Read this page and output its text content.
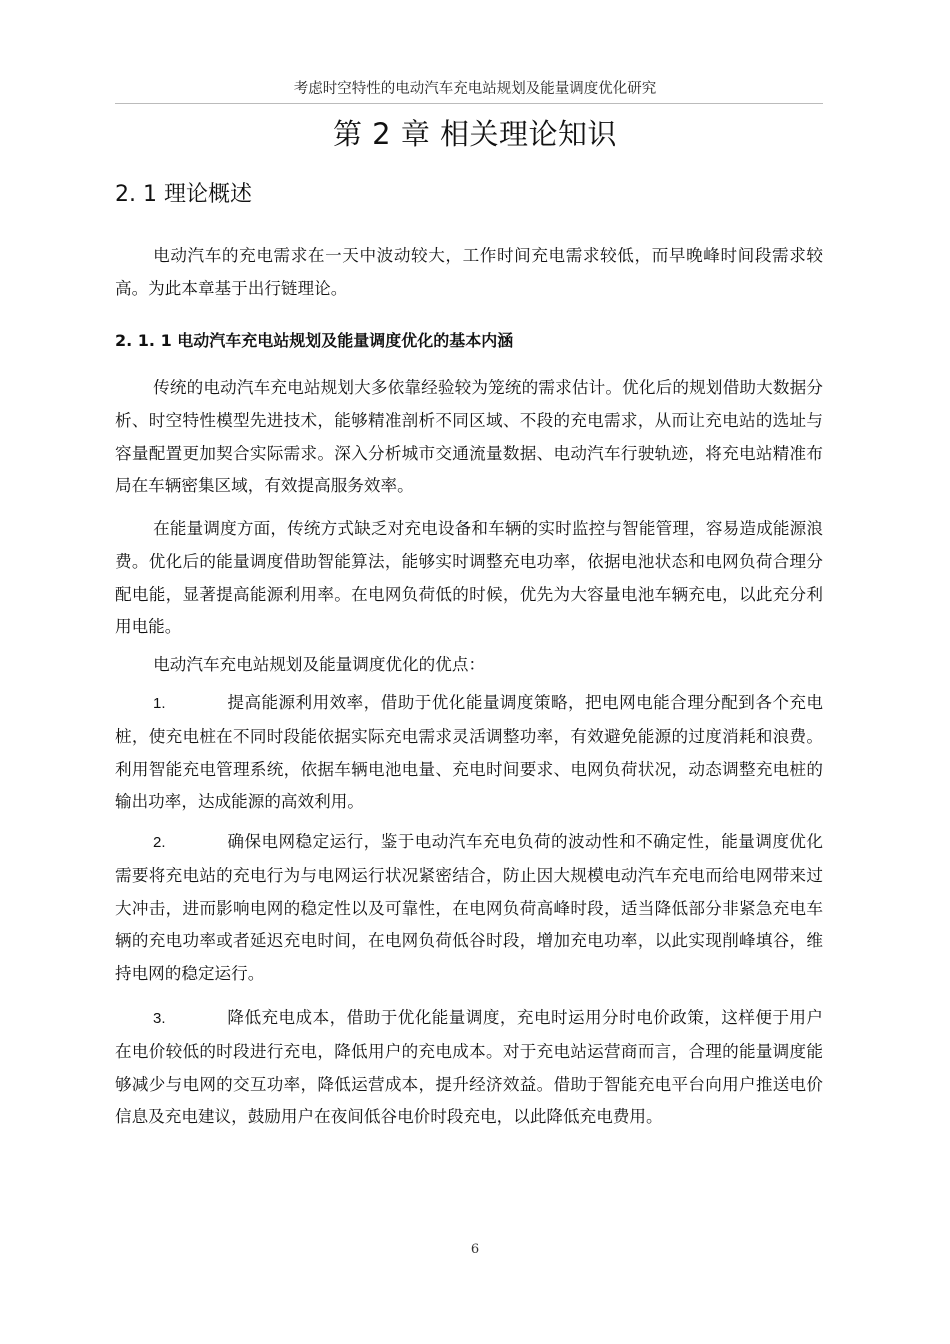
考虑时空特性的电动汽车充电站规划及能量调度优化研究
第 2 章 相关理论知识
2. 1 理论概述

电动汽车的充电需求在一天中波动较大，工作时间充电需求较低，而早晚峰时间段需求较高。为此本章基于出行链理论。

2. 1. 1 电动汽车充电站规划及能量调度优化的基本内涵

传统的电动汽车充电站规划大多依靠经验较为笼统的需求估计。优化后的规划借助大数据分析、时空特性模型先进技术，能够精准剖析不同区域、不段的充电需求，从而让充电站的选址与容量配置更加契合实际需求。深入分析城市交通流量数据、电动汽车行驶轨迹，将充电站精准布局在车辆密集区域，有效提高服务效率。

在能量调度方面，传统方式缺乏对充电设备和车辆的实时监控与智能管理，容易造成能源浪费。优化后的能量调度借助智能算法，能够实时调整充电功率，依据电池状态和电网负荷合理分配电能，显著提高能源利用率。在电网负荷低的时候，优先为大容量电池车辆充电，以此充分利用电能。

电动汽车充电站规划及能量调度优化的优点：

1.	提高能源利用效率，借助于优化能量调度策略，把电网电能合理分配到各个充电桩，使充电桩在不同时段能依据实际充电需求灵活调整功率，有效避免能源的过度消耗和浪费。利用智能充电管理系统，依据车辆电池电量、充电时间要求、电网负荷状况，动态调整充电桩的输出功率，达成能源的高效利用。

2.	确保电网稳定运行，鉴于电动汽车充电负荷的波动性和不确定性，能量调度优化需要将充电站的充电行为与电网运行状况紧密结合，防止因大规模电动汽车充电而给电网带来过大冲击，进而影响电网的稳定性以及可靠性，在电网负荷高峰时段，适当降低部分非紧急充电车辆的充电功率或者延迟充电时间，在电网负荷低谷时段，增加充电功率，以此实现削峰填谷，维持电网的稳定运行。

3.	降低充电成本，借助于优化能量调度，充电时运用分时电价政策，这样便于用户在电价较低的时段进行充电，降低用户的充电成本。对于充电站运营商而言，合理的能量调度能够减少与电网的交互功率，降低运营成本，提升经济效益。借助于智能充电平台向用户推送电价信息及充电建议，鼓励用户在夜间低谷电价时段充电，以此降低充电费用。

6
